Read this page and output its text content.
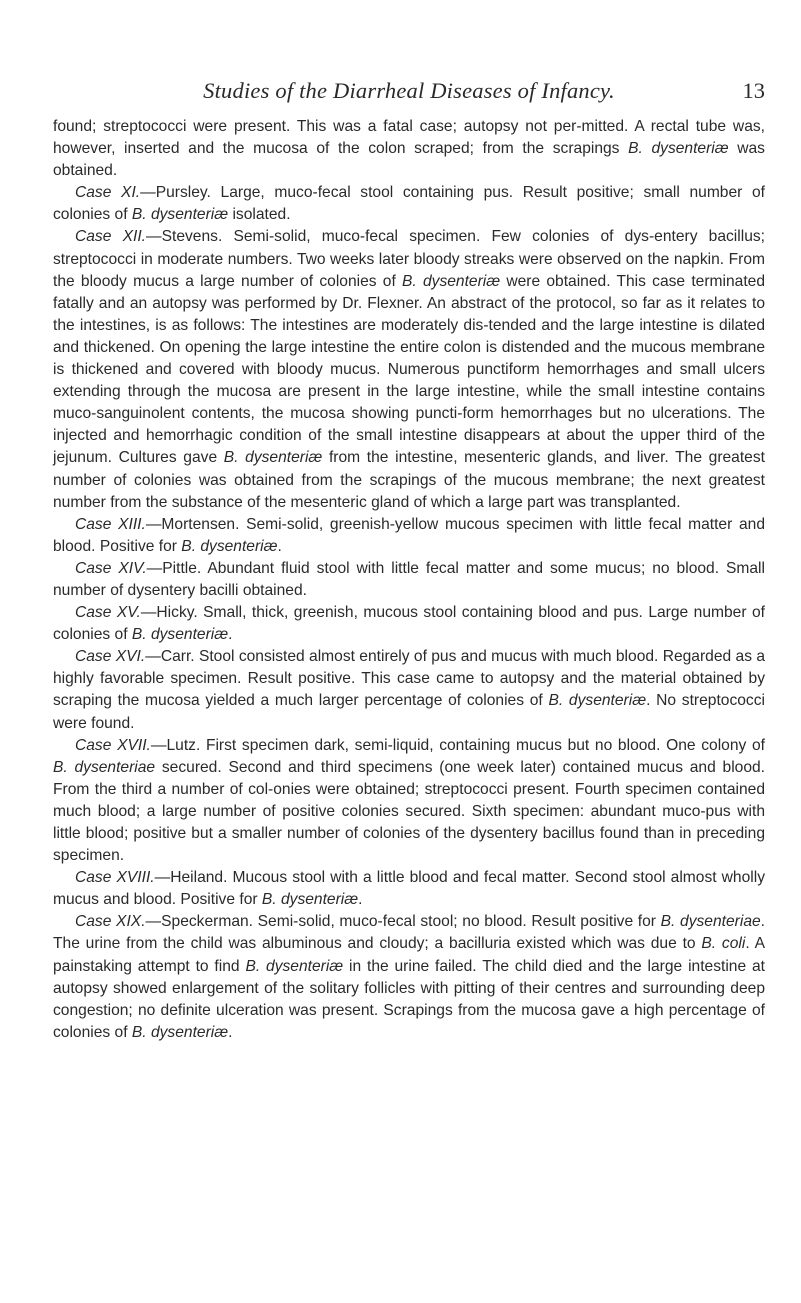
Studies of the Diarrheal Diseases of Infancy.	13

found; streptococci were present. This was a fatal case; autopsy not per-mitted. A rectal tube was, however, inserted and the mucosa of the colon scraped; from the scrapings B. dysenteriæ was obtained.

Case XI.—Pursley. Large, muco-fecal stool containing pus. Result positive; small number of colonies of B. dysenteriæ isolated.

Case XII.—Stevens. Semi-solid, muco-fecal specimen. Few colonies of dys-entery bacillus; streptococci in moderate numbers. Two weeks later bloody streaks were observed on the napkin. From the bloody mucus a large number of colonies of B. dysenteriæ were obtained. This case terminated fatally and an autopsy was performed by Dr. Flexner. An abstract of the protocol, so far as it relates to the intestines, is as follows: The intestines are moderately dis-tended and the large intestine is dilated and thickened. On opening the large intestine the entire colon is distended and the mucous membrane is thickened and covered with bloody mucus. Numerous punctiform hemorrhages and small ulcers extending through the mucosa are present in the large intestine, while the small intestine contains muco-sanguinolent contents, the mucosa showing puncti-form hemorrhages but no ulcerations. The injected and hemorrhagic condition of the small intestine disappears at about the upper third of the jejunum. Cultures gave B. dysenteriæ from the intestine, mesenteric glands, and liver. The greatest number of colonies was obtained from the scrapings of the mucous membrane; the next greatest number from the substance of the mesenteric gland of which a large part was transplanted.

Case XIII.—Mortensen. Semi-solid, greenish-yellow mucous specimen with little fecal matter and blood. Positive for B. dysenteriæ.

Case XIV.—Pittle. Abundant fluid stool with little fecal matter and some mucus; no blood. Small number of dysentery bacilli obtained.

Case XV.—Hicky. Small, thick, greenish, mucous stool containing blood and pus. Large number of colonies of B. dysenteriæ.

Case XVI.—Carr. Stool consisted almost entirely of pus and mucus with much blood. Regarded as a highly favorable specimen. Result positive. This case came to autopsy and the material obtained by scraping the mucosa yielded a much larger percentage of colonies of B. dysenteriæ. No streptococci were found.

Case XVII.—Lutz. First specimen dark, semi-liquid, containing mucus but no blood. One colony of B. dysenteriae secured. Second and third specimens (one week later) contained mucus and blood. From the third a number of col-onies were obtained; streptococci present. Fourth specimen contained much blood; a large number of positive colonies secured. Sixth specimen: abundant muco-pus with little blood; positive but a smaller number of colonies of the dysentery bacillus found than in preceding specimen.

Case XVIII.—Heiland. Mucous stool with a little blood and fecal matter. Second stool almost wholly mucus and blood. Positive for B. dysenteriæ.

Case XIX.—Speckerman. Semi-solid, muco-fecal stool; no blood. Result positive for B. dysenteriae. The urine from the child was albuminous and cloudy; a bacilluria existed which was due to B. coli. A painstaking attempt to find B. dysenteriæ in the urine failed. The child died and the large intestine at autopsy showed enlargement of the solitary follicles with pitting of their centres and surrounding deep congestion; no definite ulceration was present. Scrapings from the mucosa gave a high percentage of colonies of B. dysenteriæ.
